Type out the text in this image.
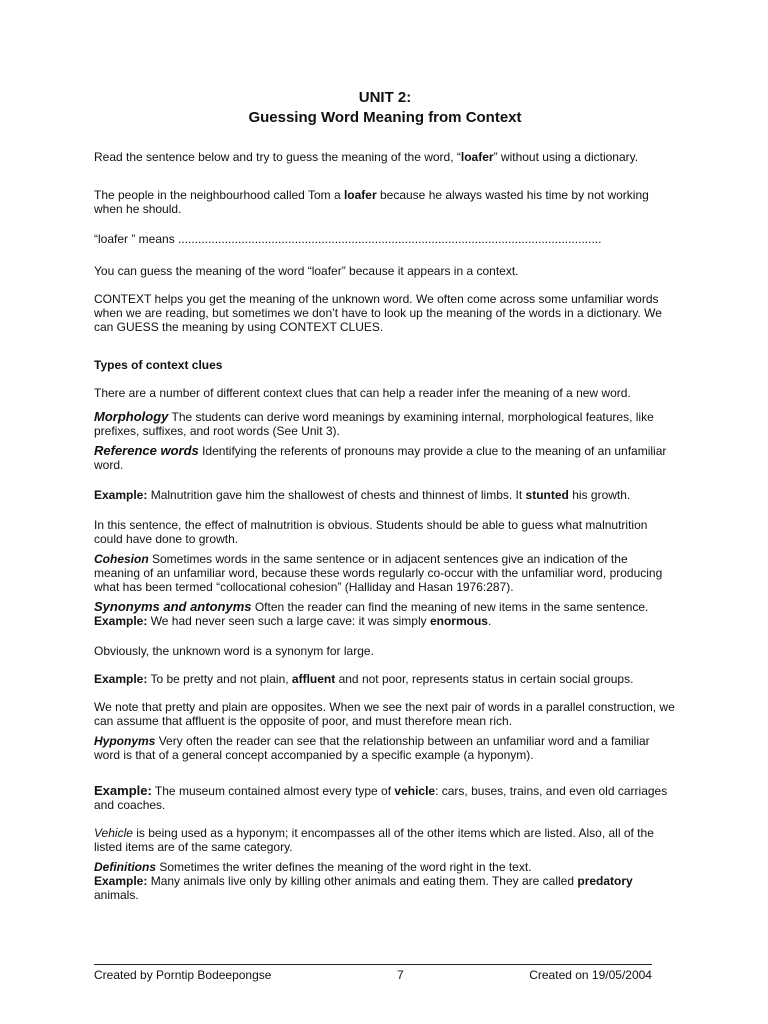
UNIT 2:
Guessing Word Meaning from Context

Read the sentence below and try to guess the meaning of the word, “loafer” without using a dictionary.

The people in the neighbourhood called Tom a loafer because he always wasted his time by not working when he should.

“loafer ” means ...............................................................................................................................

You can guess the meaning of the word “loafer” because it appears in a context.

CONTEXT helps you get the meaning of the unknown word. We often come across some unfamiliar words when we are reading, but sometimes we don’t have to look up the meaning of the words in a dictionary. We can GUESS the meaning by using CONTEXT CLUES.

Types of context clues

There are a number of different context clues that can help a reader infer the meaning of a new word.

Morphology The students can derive word meanings by examining internal, morphological features, like prefixes, suffixes, and root words (See Unit 3).

Reference words Identifying the referents of pronouns may provide a clue to the meaning of an unfamiliar word.

Example: Malnutrition gave him the shallowest of chests and thinnest of limbs. It stunted his growth.

In this sentence, the effect of malnutrition is obvious. Students should be able to guess what malnutrition could have done to growth.

Cohesion Sometimes words in the same sentence or in adjacent sentences give an indication of the meaning of an unfamiliar word, because these words regularly co-occur with the unfamiliar word, producing what has been termed “collocational cohesion” (Halliday and Hasan 1976:287).

Synonyms and antonyms Often the reader can find the meaning of new items in the same sentence.

Example: We had never seen such a large cave: it was simply enormous.

Obviously, the unknown word is a synonym for large.

Example: To be pretty and not plain, affluent and not poor, represents status in certain social groups.

We note that pretty and plain are opposites. When we see the next pair of words in a parallel construction, we can assume that affluent is the opposite of poor, and must therefore mean rich.

Hyponyms Very often the reader can see that the relationship between an unfamiliar word and a familiar word is that of a general concept accompanied by a specific example (a hyponym).

Example: The museum contained almost every type of vehicle: cars, buses, trains, and even old carriages and coaches.

Vehicle is being used as a hyponym; it encompasses all of the other items which are listed. Also, all of the listed items are of the same category.

Definitions Sometimes the writer defines the meaning of the word right in the text.

Example: Many animals live only by killing other animals and eating them. They are called predatory animals.

Created by Porntip Bodeepongse	7	Created on 19/05/2004
